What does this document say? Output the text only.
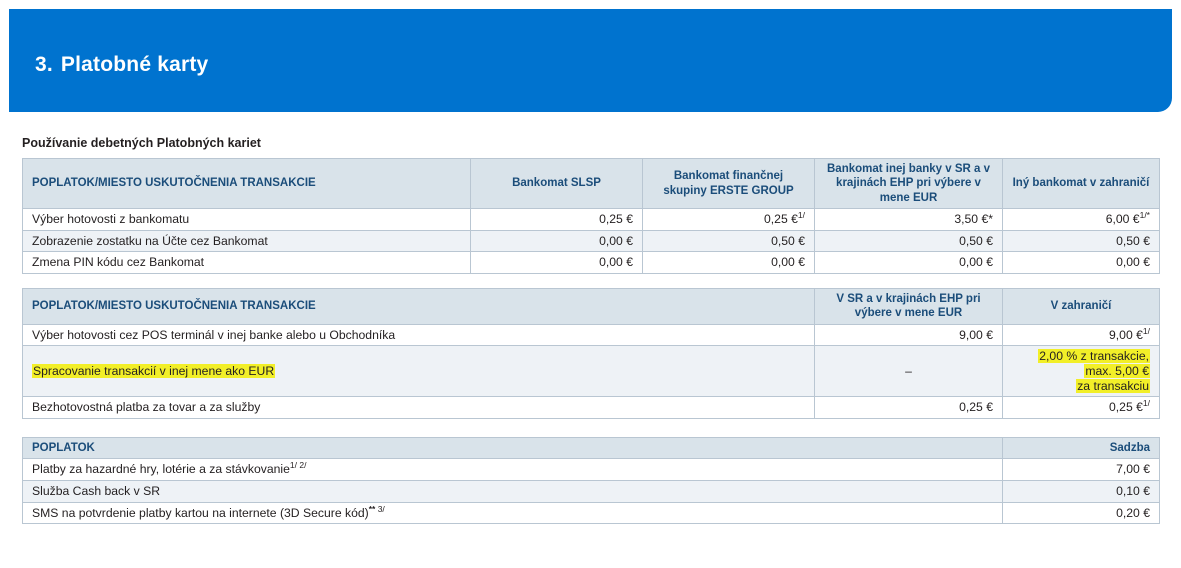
3. Platobné karty
Používanie debetných Platobných kariet
POPLATOK/MIESTO USKUTOČNENIA TRANSAKCIE	Bankomat SLSP	Bankomat finančnej skupiny ERSTE GROUP	Bankomat inej banky v SR a v krajinách EHP pri výbere v mene EUR	Iný bankomat v zahraničí
Výber hotovosti z bankomatu	0,25 €	0,25 €$^{1/}$	3,50 €*	6,00 €$^{1/*}$
Zobrazenie zostatku na Účte cez Bankomat	0,00 €	0,50 €	0,50 €	0,50 €
Zmena PIN kódu cez Bankomat	0,00 €	0,00 €	0,00 €	0,00 €
POPLATOK/MIESTO USKUTOČNENIA TRANSAKCIE	V SR a v krajinách EHP pri výbere v mene EUR	V zahraničí
Výber hotovosti cez POS terminál v inej banke alebo u Obchodníka	9,00 €	9,00 €$^{1/}$
Spracovanie transakcií v inej mene ako EUR	–	2,00 % z transakcie,
max. 5,00 €
za transakciu
Bezhotovostná platba za tovar a za služby	0,25 €	0,25 €$^{1/}$
POPLATOK	Sadzba
Platby za hazardné hry, lotérie a za stávkovanie$^{1/ 2/}$	7,00 €
Služba Cash back v SR	0,10 €
SMS na potvrdenie platby kartou na internete (3D Secure kód)** $^{3/}$	0,20 €
